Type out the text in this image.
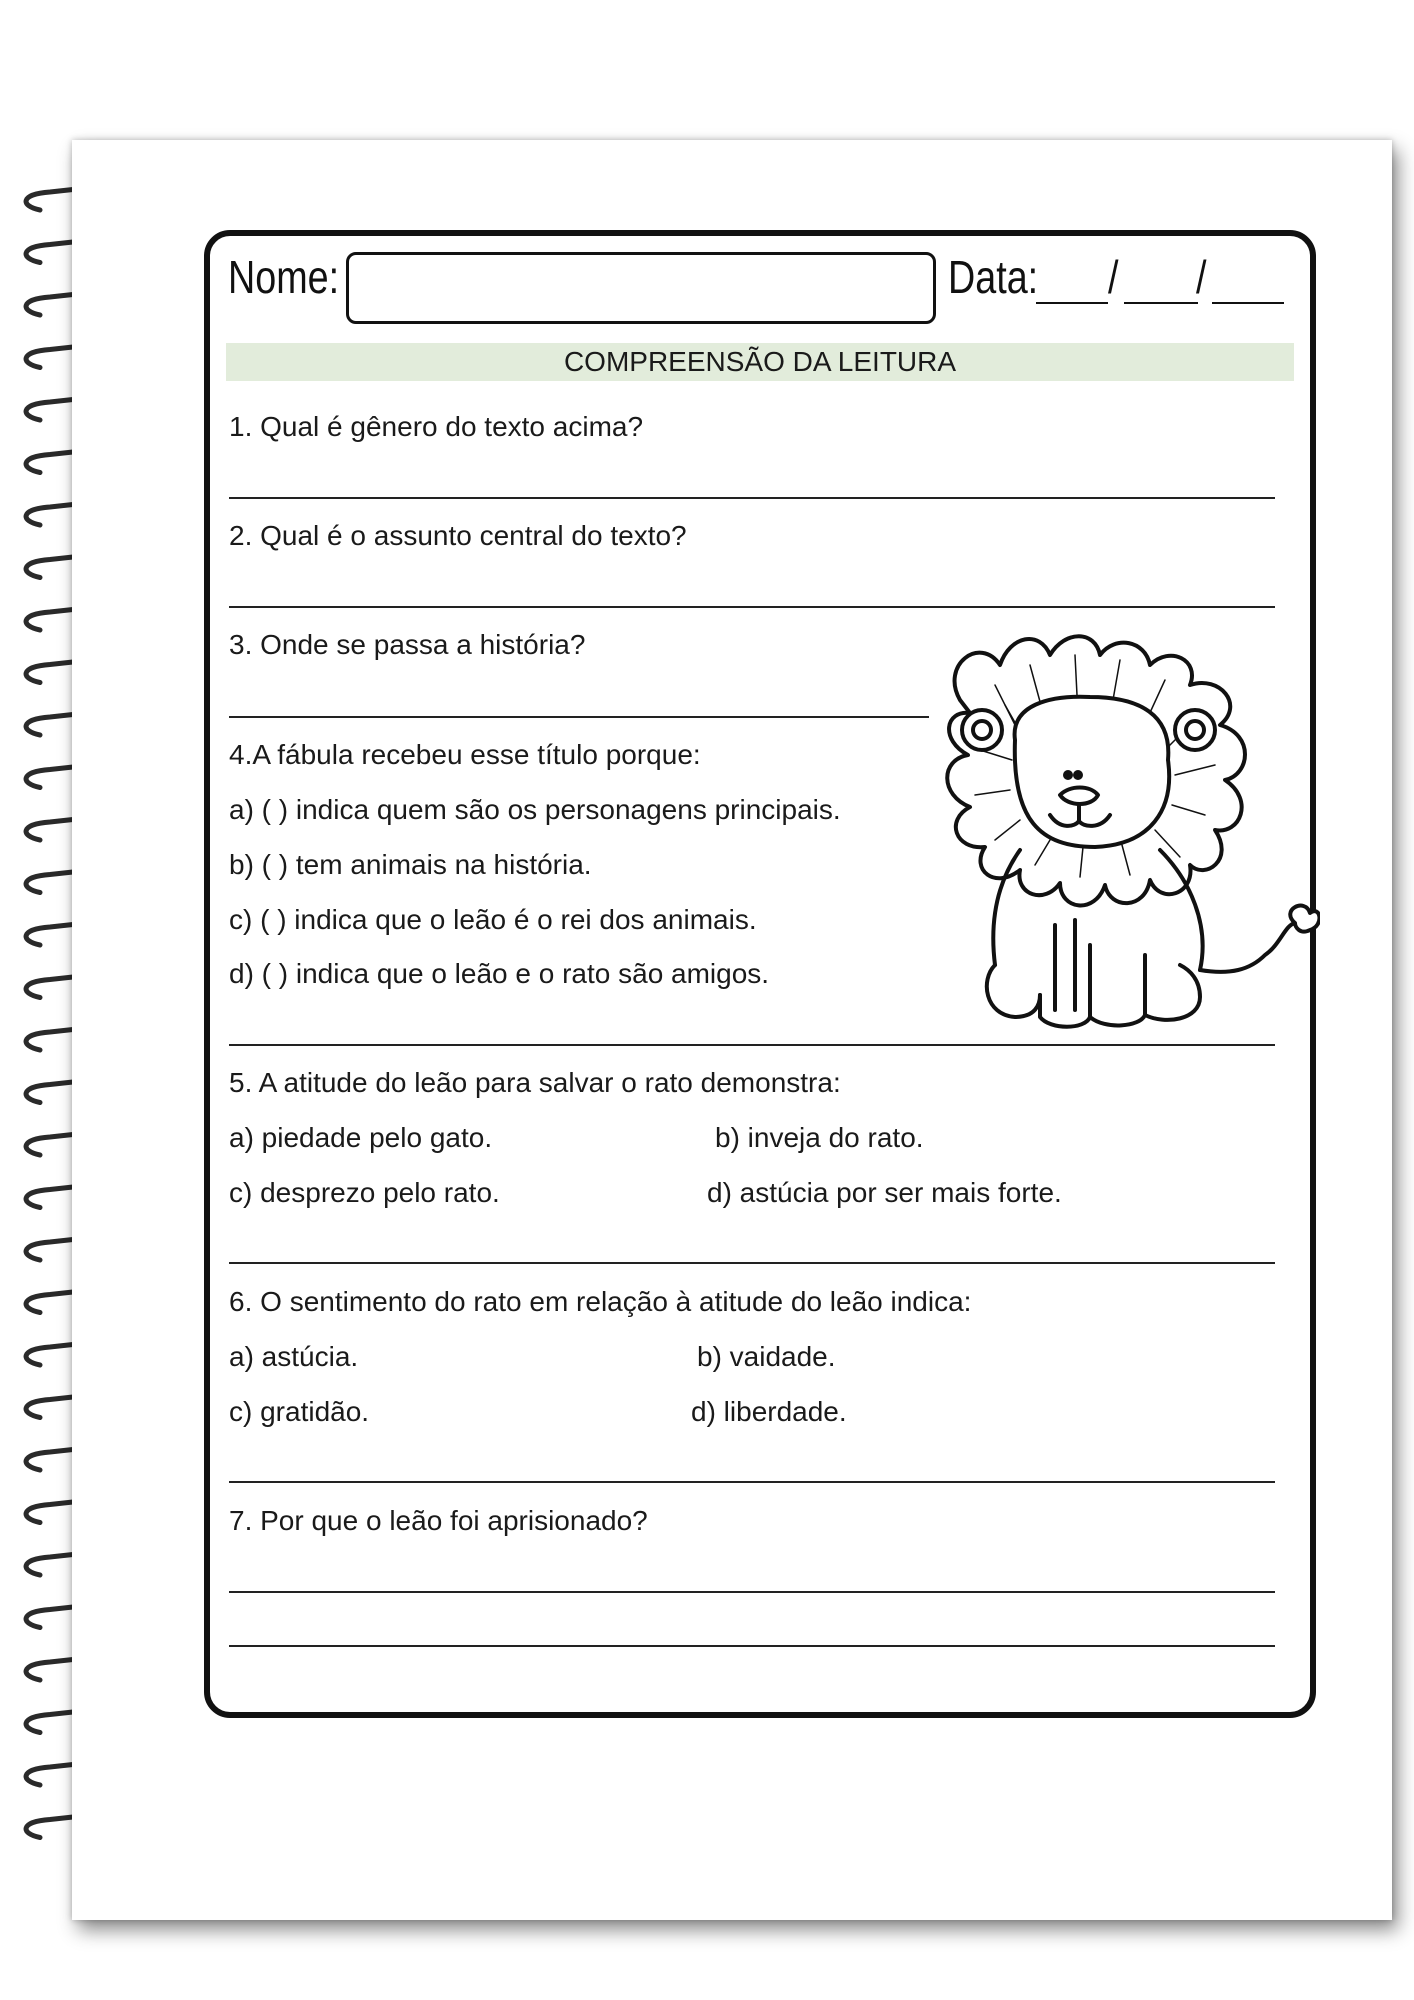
Nome:	Data: / /
COMPREENSÃO DA LEITURA
1. Qual é gênero do texto acima?
2. Qual é o assunto central do texto?
3. Onde se passa a história?
4.A fábula recebeu esse título porque:
a) ( ) indica quem são os personagens principais.
b) ( ) tem animais na história.
c) ( ) indica que o leão é o rei dos animais.
d) ( ) indica que o leão e o rato são amigos.
5. A atitude do leão para salvar o rato demonstra:
a) piedade pelo gato.	b) inveja do rato.
c) desprezo pelo rato.	d) astúcia por ser mais forte.
6. O sentimento do rato em relação à atitude do leão indica:
a) astúcia.	b) vaidade.
c) gratidão.	d) liberdade.
7. Por que o leão foi aprisionado?
